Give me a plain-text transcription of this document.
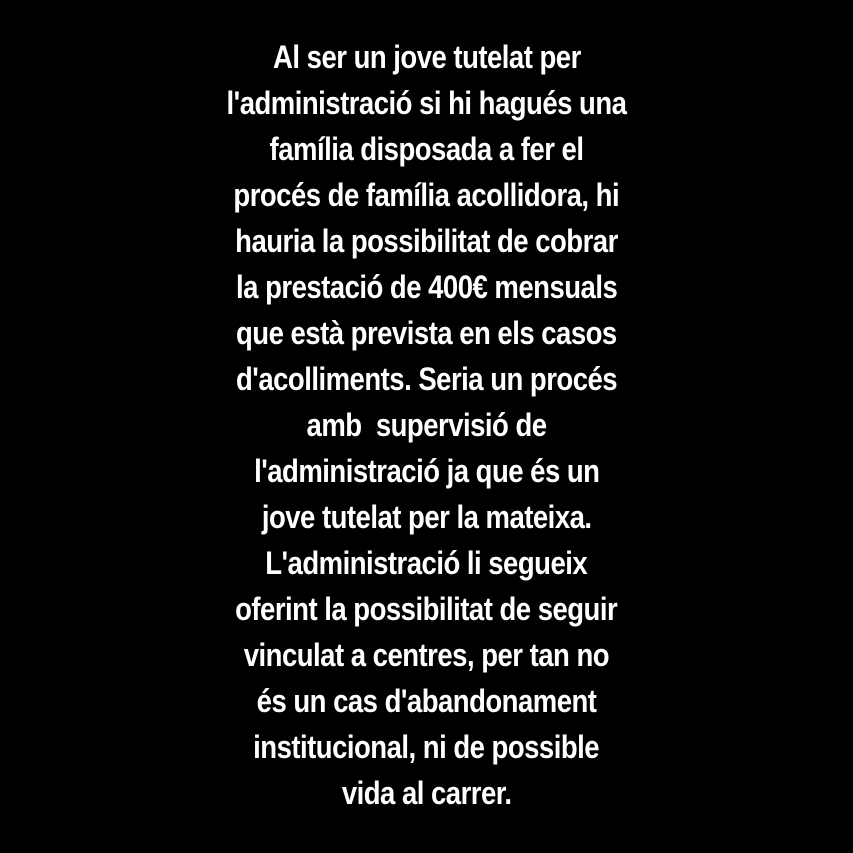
Al ser un jove tutelat per
l'administració si hi hagués una
família disposada a fer el
procés de família acollidora, hi
hauria la possibilitat de cobrar
la prestació de 400€ mensuals
que està prevista en els casos
d'acolliments. Seria un procés
amb  supervisió de
l'administració ja que és un
jove tutelat per la mateixa.
L'administració li segueix
oferint la possibilitat de seguir
vinculat a centres, per tan no
és un cas d'abandonament
institucional, ni de possible
vida al carrer.
